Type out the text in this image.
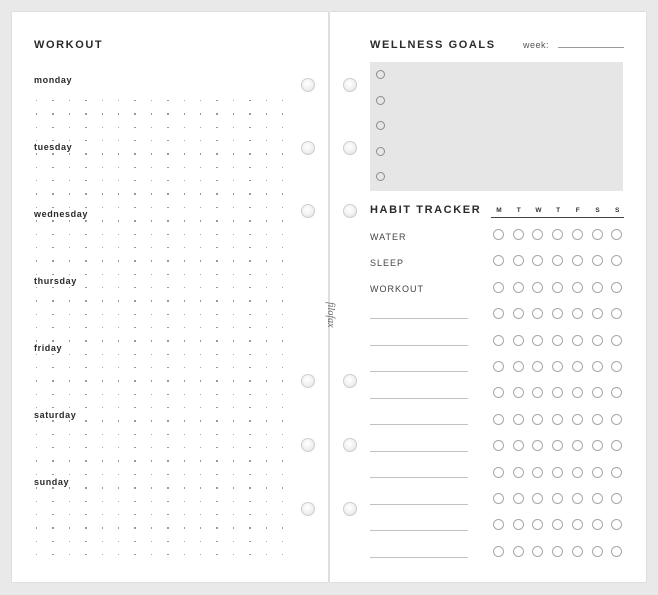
WORKOUT
monday
tuesday
wednesday
thursday
friday
saturday
sunday
WELLNESS GOALS	week:
HABIT TRACKER	M	T	W	T	F	S	S
WATER
SLEEP
WORKOUT
filofax
